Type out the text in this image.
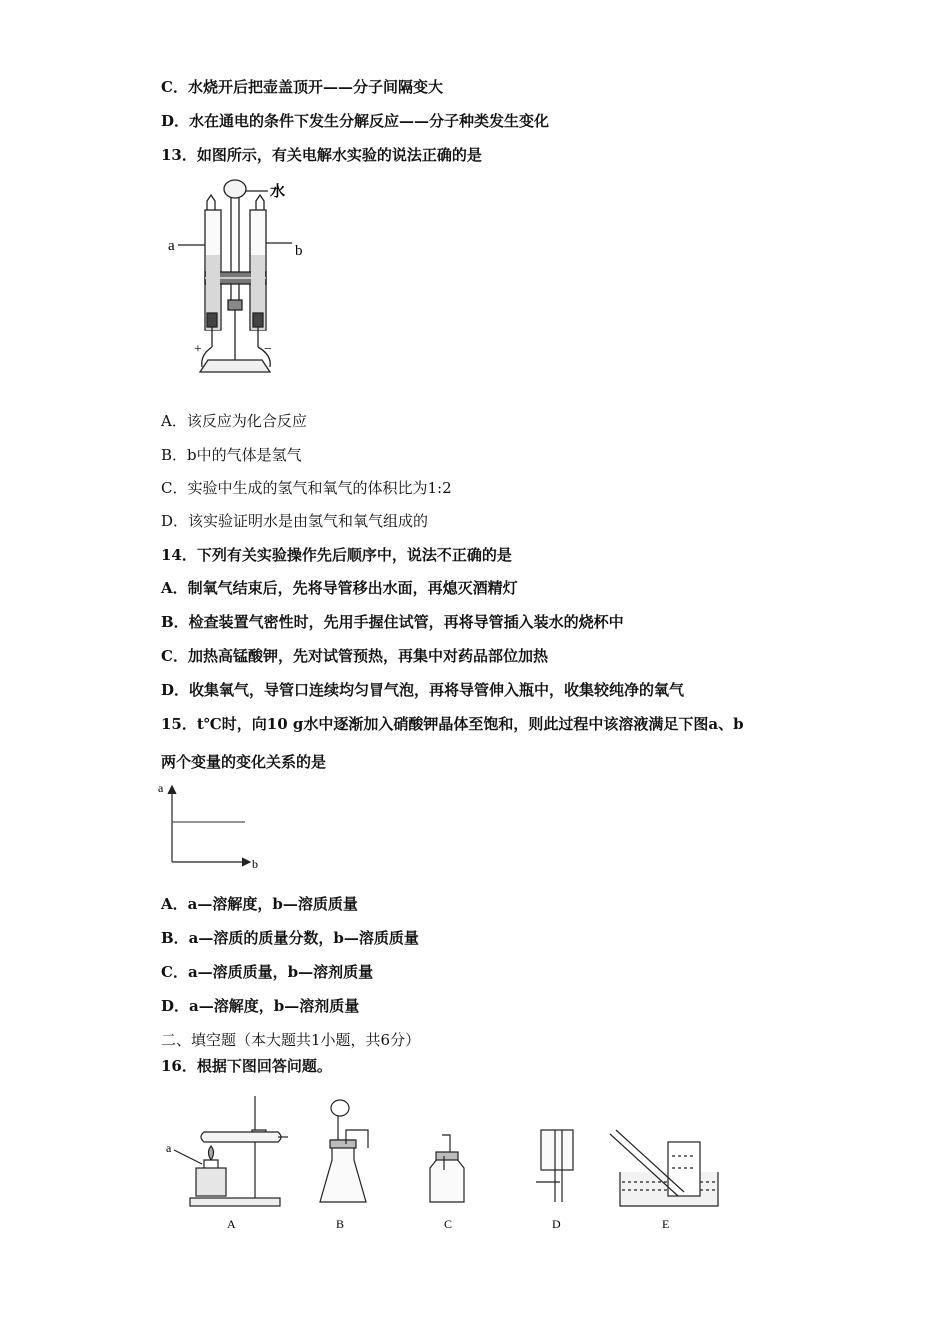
C．水烧开后把壶盖顶开——分子间隔变大
D．水在通电的条件下发生分解反应——分子种类发生变化
13．如图所示，有关电解水实验的说法正确的是
水
a	b
+	−
A．该反应为化合反应
B．b中的气体是氢气
C．实验中生成的氢气和氧气的体积比为1:2
D．该实验证明水是由氢气和氧气组成的
14．下列有关实验操作先后顺序中，说法不正确的是
A．制氧气结束后，先将导管移出水面，再熄灭酒精灯
B．检查装置气密性时，先用手握住试管，再将导管插入装水的烧杯中
C．加热高锰酸钾，先对试管预热，再集中对药品部位加热
D．收集氧气，导管口连续均匀冒气泡，再将导管伸入瓶中，收集较纯净的氧气
15．t℃时，向10 g水中逐渐加入硝酸钾晶体至饱和，则此过程中该溶液满足下图a、b
两个变量的变化关系的是
a
b
A．a—溶解度，b—溶质质量
B．a—溶质的质量分数，b—溶质质量
C．a—溶质质量，b—溶剂质量
D．a—溶解度，b—溶剂质量
二、填空题（本大题共1小题，共6分）
16．根据下图回答问题。
a
A	B	C	D	E
